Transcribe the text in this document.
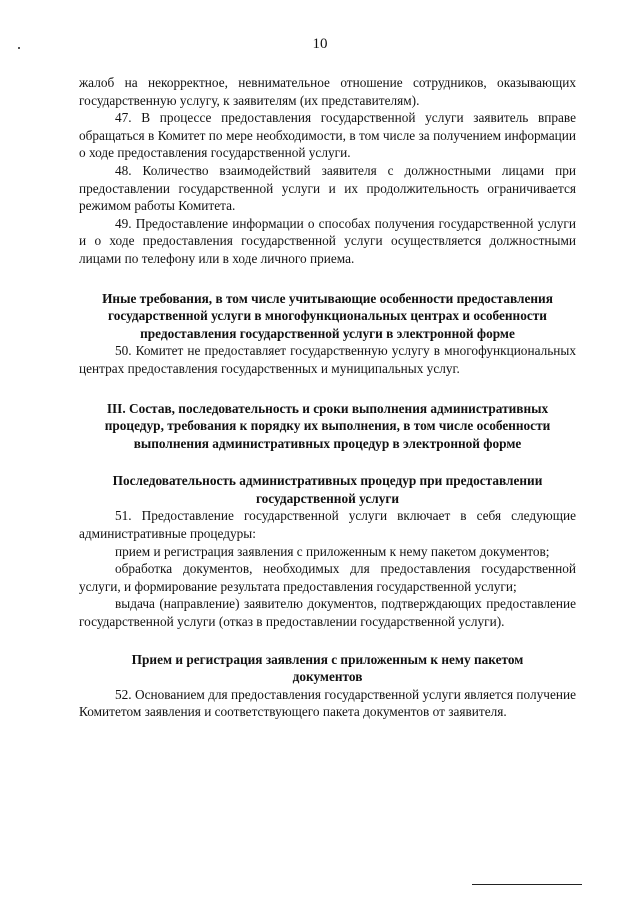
10

жалоб на некорректное, невнимательное отношение сотрудников, оказывающих государственную услугу, к заявителям (их представителям).

47. В процессе предоставления государственной услуги заявитель вправе обращаться в Комитет по мере необходимости, в том числе за получением информации о ходе предоставления государственной услуги.

48. Количество взаимодействий заявителя с должностными лицами при предоставлении государственной услуги и их продолжительность ограничивается режимом работы Комитета.

49. Предоставление информации о способах получения государственной услуги и о ходе предоставления государственной услуги осуществляется должностными лицами по телефону или в ходе личного приема.

Иные требования, в том числе учитывающие особенности предоставления государственной услуги в многофункциональных центрах и особенности предоставления государственной услуги в электронной форме

50. Комитет не предоставляет государственную услугу в многофункциональных центрах предоставления государственных и муниципальных услуг.

III. Состав, последовательность и сроки выполнения административных процедур, требования к порядку их выполнения, в том числе особенности выполнения административных процедур в электронной форме

Последовательность административных процедур при предоставлении государственной услуги

51. Предоставление государственной услуги включает в себя следующие административные процедуры:

прием и регистрация заявления с приложенным к нему пакетом документов;

обработка документов, необходимых для предоставления государственной услуги, и формирование результата предоставления государственной услуги;

выдача (направление) заявителю документов, подтверждающих предоставление государственной услуги (отказ в предоставлении государственной услуги).

Прием и регистрация заявления с приложенным к нему пакетом документов

52. Основанием для предоставления государственной услуги является получение Комитетом заявления и соответствующего пакета документов от заявителя.
